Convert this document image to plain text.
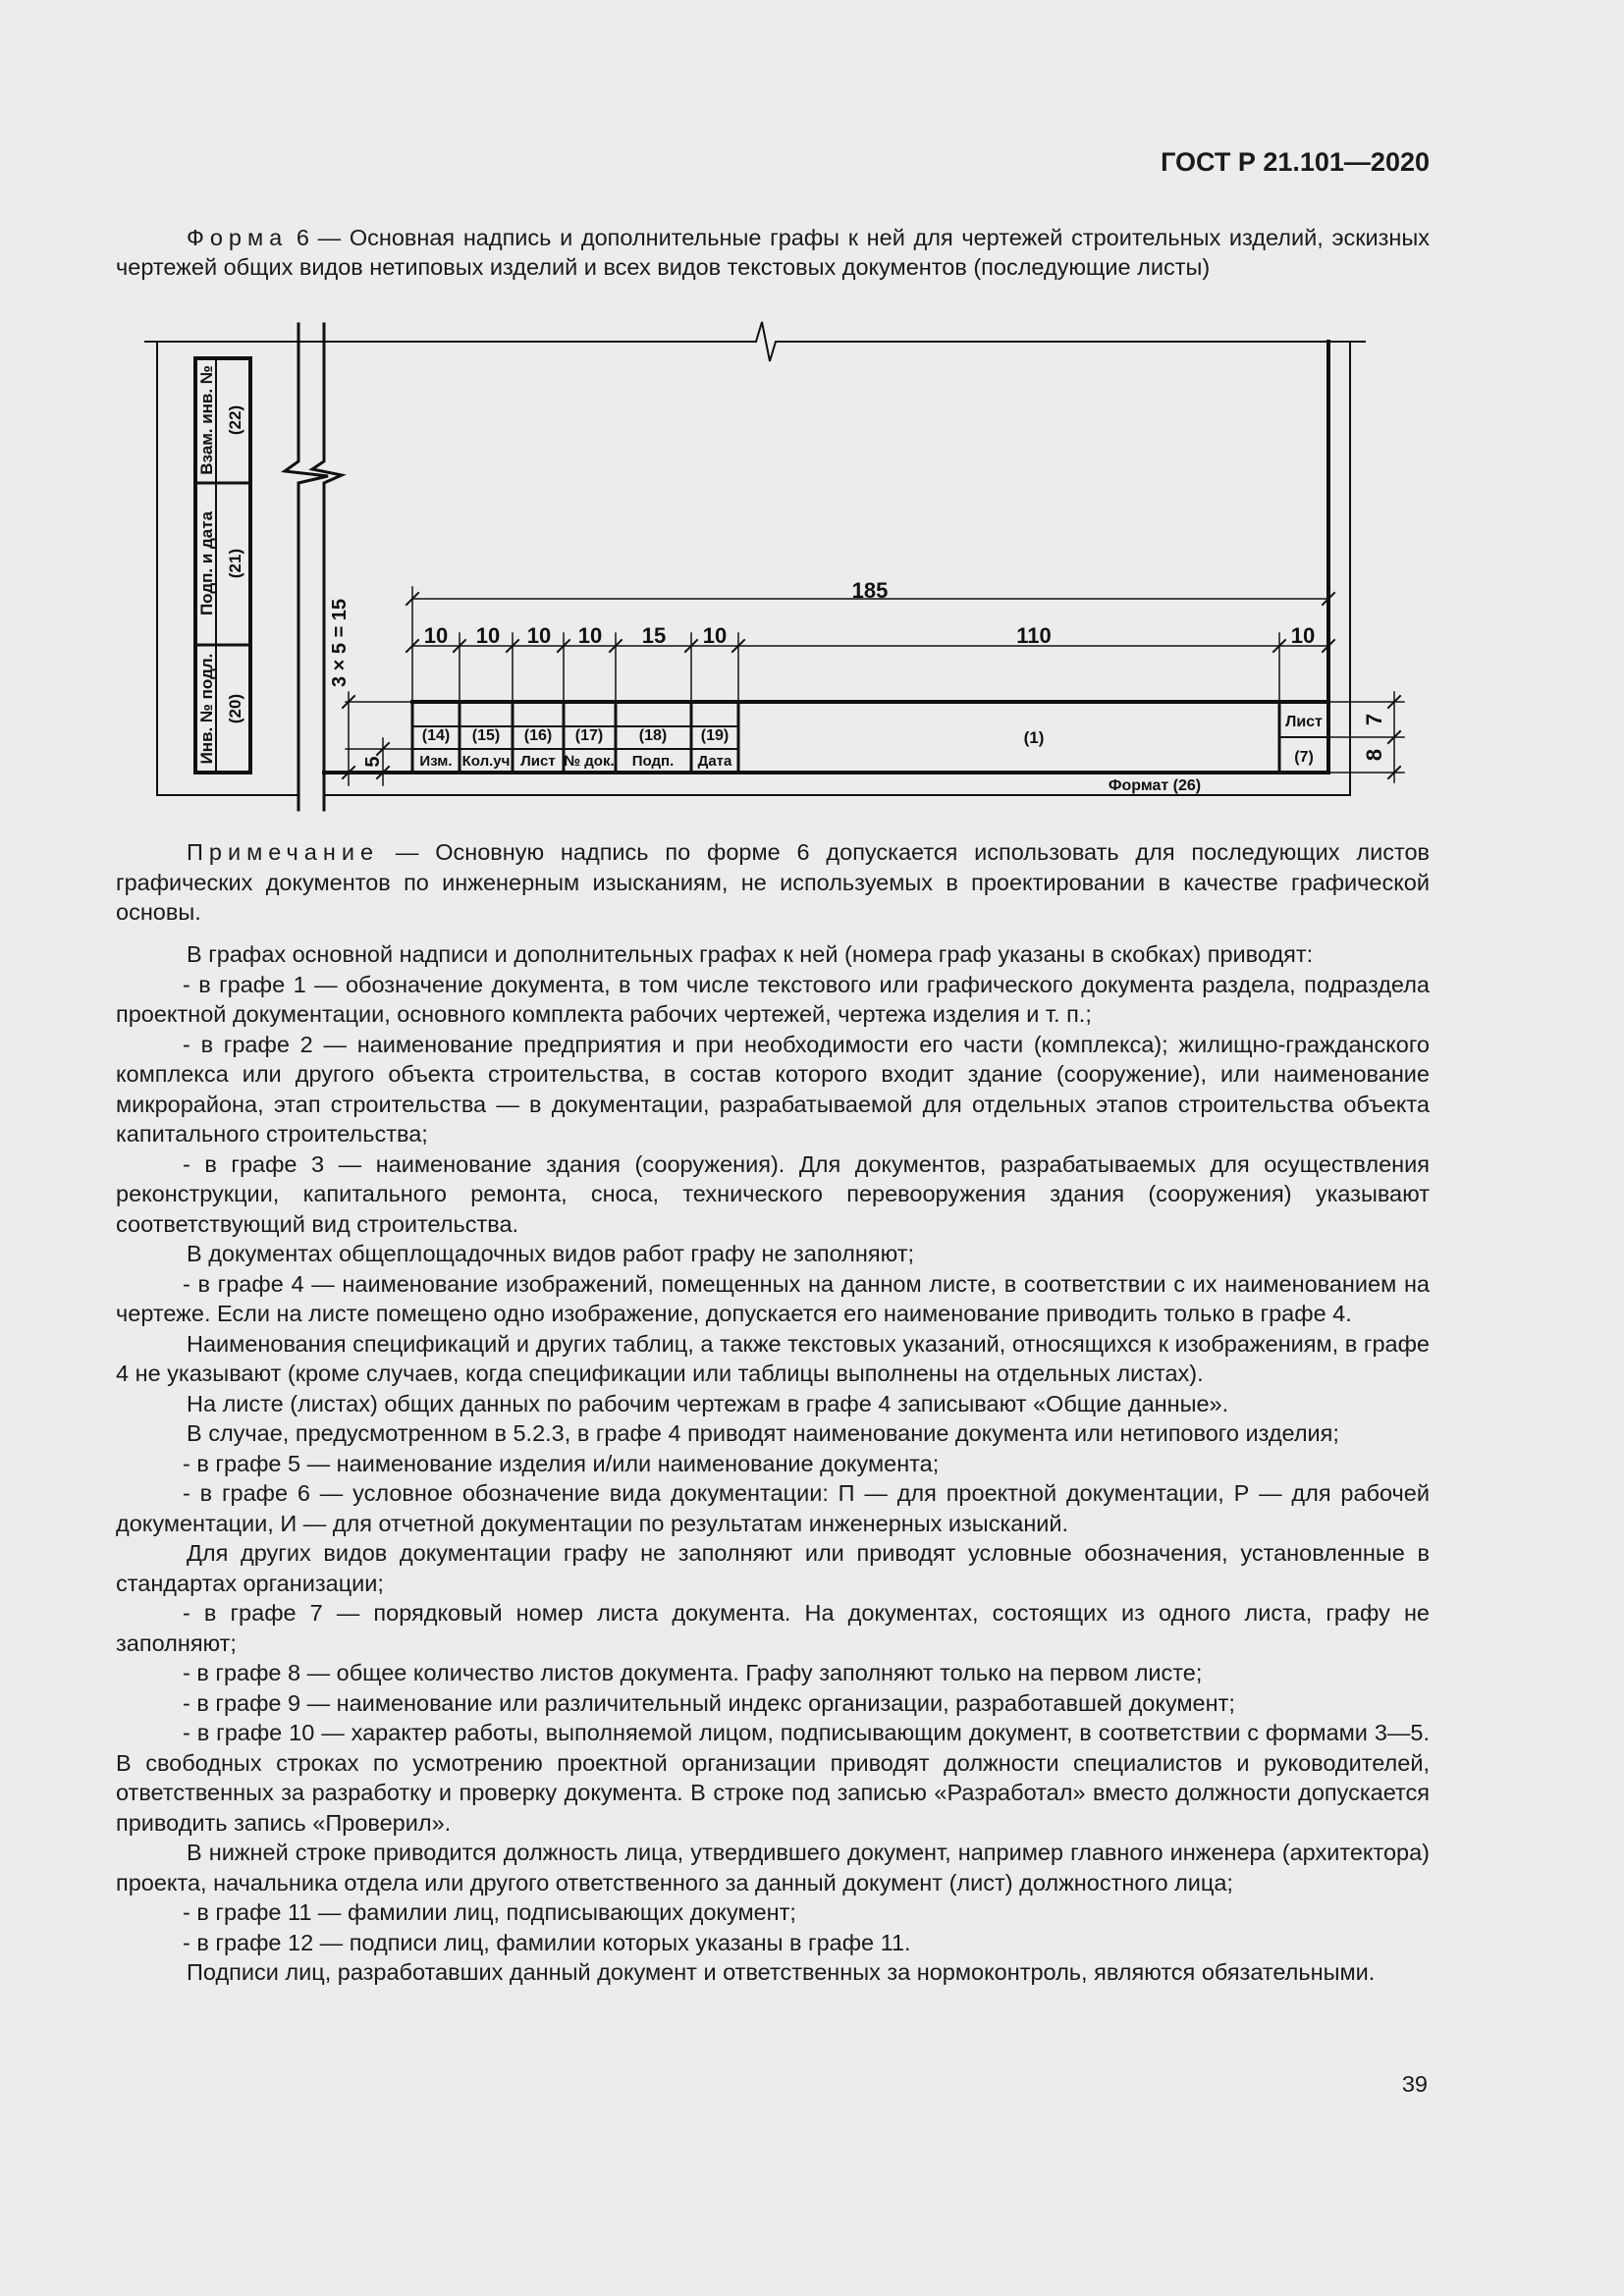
ГОСТ Р 21.101—2020
Форма 6 — Основная надпись и дополнительные графы к ней для чертежей строительных изделий, эскизных чертежей общих видов нетиповых изделий и всех видов текстовых документов (последующие листы)
Взам. инв. № (22)
Подп. и дата (21)
Инв. № подл. (20)
185
10 10 10 10 15 10	110	10
3 × 5 = 15
5
7
8
(14) (15) (16) (17) (18) (19)
Изм. Кол.уч Лист № док. Подп. Дата
(1)
Лист
(7)
Формат (26)
Примечание — Основную надпись по форме 6 допускается использовать для последующих листов графических документов по инженерным изысканиям, не используемых в проектировании в качестве графической основы.

В графах основной надписи и дополнительных графах к ней (номера граф указаны в скобках) приводят:

- в графе 1 — обозначение документа, в том числе текстового или графического документа раздела, подраздела проектной документации, основного комплекта рабочих чертежей, чертежа изделия и т. п.;

- в графе 2 — наименование предприятия и при необходимости его части (комплекса); жилищно-гражданского комплекса или другого объекта строительства, в состав которого входит здание (сооружение), или наименование микрорайона, этап строительства — в документации, разрабатываемой для отдельных этапов строительства объекта капитального строительства;

- в графе 3 — наименование здания (сооружения). Для документов, разрабатываемых для осуществления реконструкции, капитального ремонта, сноса, технического перевооружения здания (сооружения) указывают соответствующий вид строительства.

В документах общеплощадочных видов работ графу не заполняют;

- в графе 4 — наименование изображений, помещенных на данном листе, в соответствии с их наименованием на чертеже. Если на листе помещено одно изображение, допускается его наименование приводить только в графе 4.

Наименования спецификаций и других таблиц, а также текстовых указаний, относящихся к изображениям, в графе 4 не указывают (кроме случаев, когда спецификации или таблицы выполнены на отдельных листах).

На листе (листах) общих данных по рабочим чертежам в графе 4 записывают «Общие данные».

В случае, предусмотренном в 5.2.3, в графе 4 приводят наименование документа или нетипового изделия;

- в графе 5 — наименование изделия и/или наименование документа;

- в графе 6 — условное обозначение вида документации: П — для проектной документации, Р — для рабочей документации, И — для отчетной документации по результатам инженерных изысканий.

Для других видов документации графу не заполняют или приводят условные обозначения, установленные в стандартах организации;

- в графе 7 — порядковый номер листа документа. На документах, состоящих из одного листа, графу не заполняют;

- в графе 8 — общее количество листов документа. Графу заполняют только на первом листе;

- в графе 9 — наименование или различительный индекс организации, разработавшей документ;

- в графе 10 — характер работы, выполняемой лицом, подписывающим документ, в соответствии с формами 3—5. В свободных строках по усмотрению проектной организации приводят должности специалистов и руководителей, ответственных за разработку и проверку документа. В строке под записью «Разработал» вместо должности допускается приводить запись «Проверил».

В нижней строке приводится должность лица, утвердившего документ, например главного инженера (архитектора) проекта, начальника отдела или другого ответственного за данный документ (лист) должностного лица;

- в графе 11 — фамилии лиц, подписывающих документ;

- в графе 12 — подписи лиц, фамилии которых указаны в графе 11.

Подписи лиц, разработавших данный документ и ответственных за нормоконтроль, являются обязательными.

39
